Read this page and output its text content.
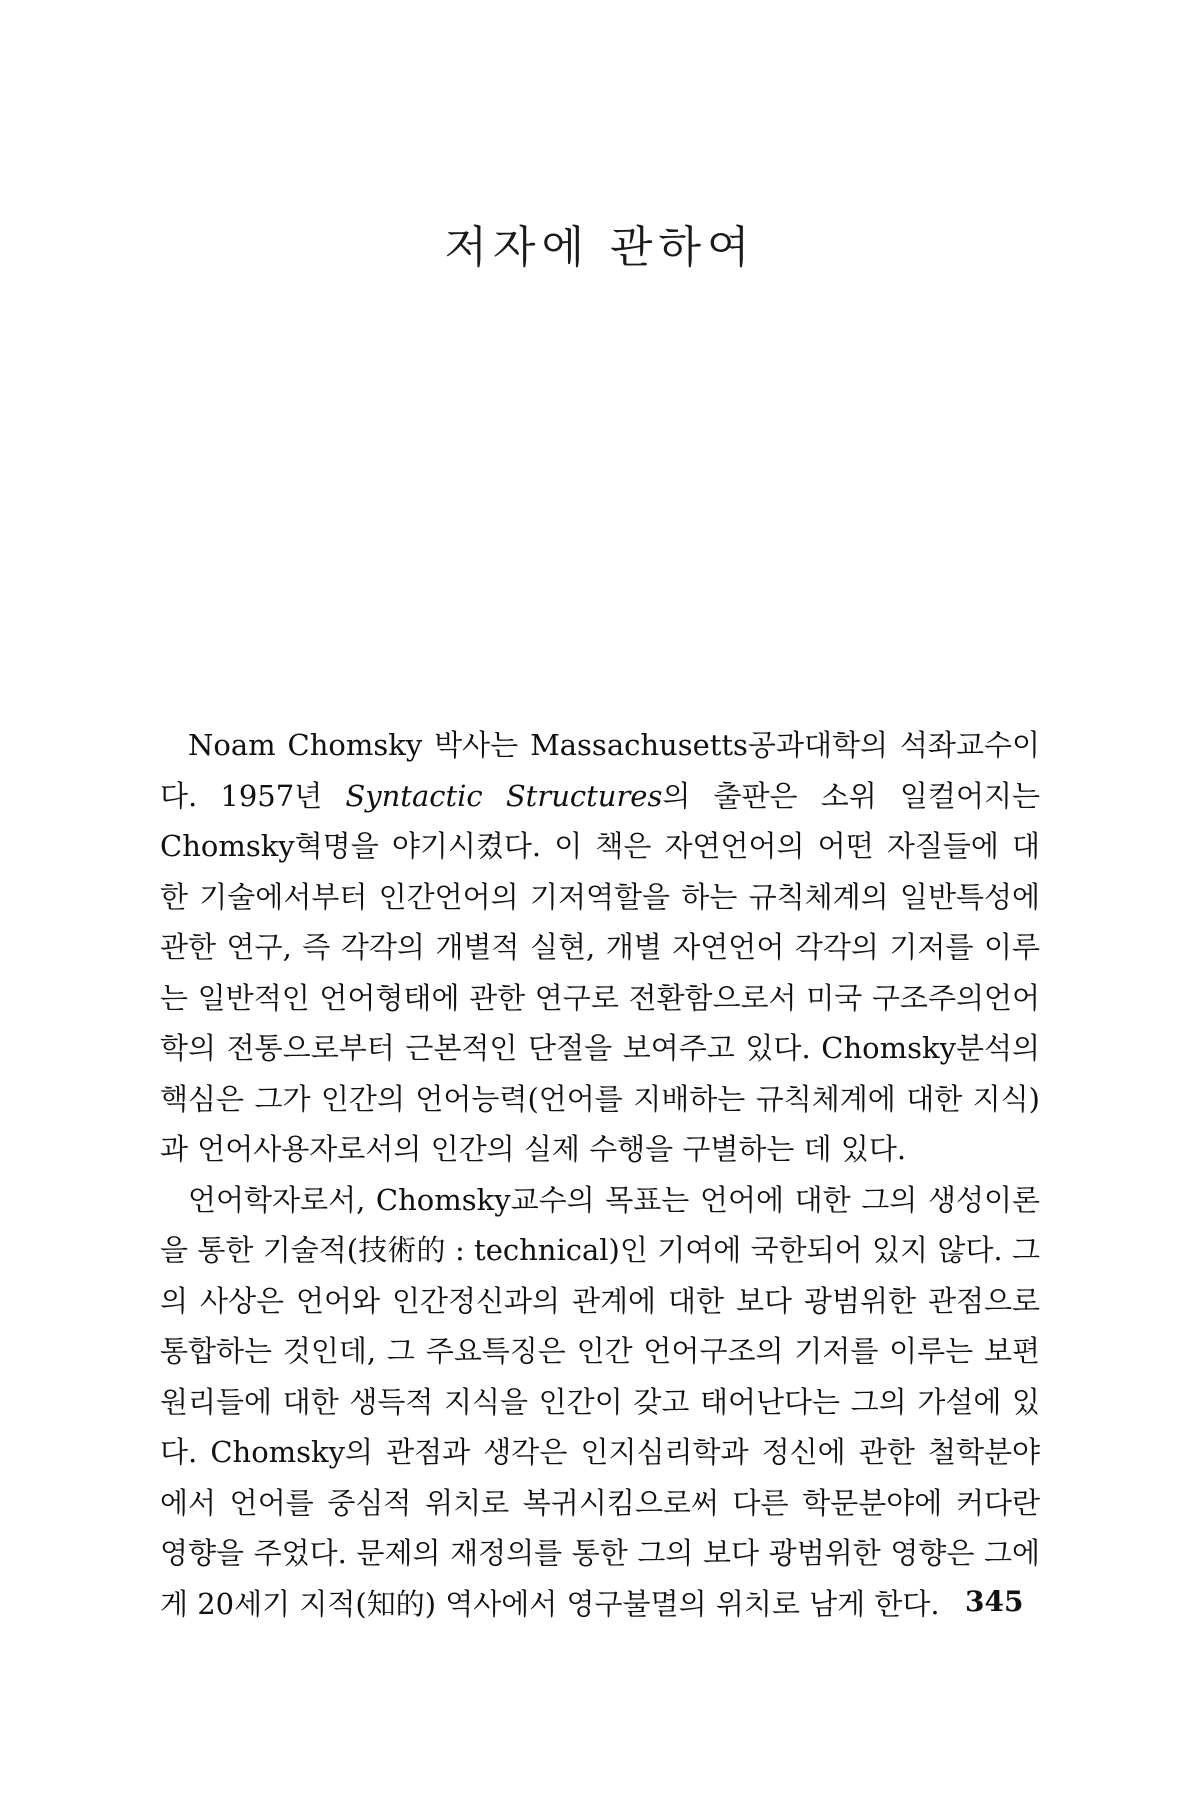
저자에 관하여

Noam Chomsky 박사는 Massachusetts공과대학의 석좌교수이다. 1957년 Syntactic Structures의 출판은 소위 일컬어지는 Chomsky혁명을 야기시켰다. 이 책은 자연언어의 어떤 자질들에 대한 기술에서부터 인간언어의 기저역할을 하는 규칙체계의 일반특성에 관한 연구, 즉 각각의 개별적 실현, 개별 자연언어 각각의 기저를 이루는 일반적인 언어형태에 관한 연구로 전환함으로서 미국 구조주의언어학의 전통으로부터 근본적인 단절을 보여주고 있다. Chomsky분석의 핵심은 그가 인간의 언어능력(언어를 지배하는 규칙체계에 대한 지식)과 언어사용자로서의 인간의 실제 수행을 구별하는 데 있다.

언어학자로서, Chomsky교수의 목표는 언어에 대한 그의 생성이론을 통한 기술적(技術的 : technical)인 기여에 국한되어 있지 않다. 그의 사상은 언어와 인간정신과의 관계에 대한 보다 광범위한 관점으로 통합하는 것인데, 그 주요특징은 인간 언어구조의 기저를 이루는 보편원리들에 대한 생득적 지식을 인간이 갖고 태어난다는 그의 가설에 있다. Chomsky의 관점과 생각은 인지심리학과 정신에 관한 철학분야에서 언어를 중심적 위치로 복귀시킴으로써 다른 학문분야에 커다란 영향을 주었다. 문제의 재정의를 통한 그의 보다 광범위한 영향은 그에게 20세기 지적(知的) 역사에서 영구불멸의 위치로 남게 한다. 345
